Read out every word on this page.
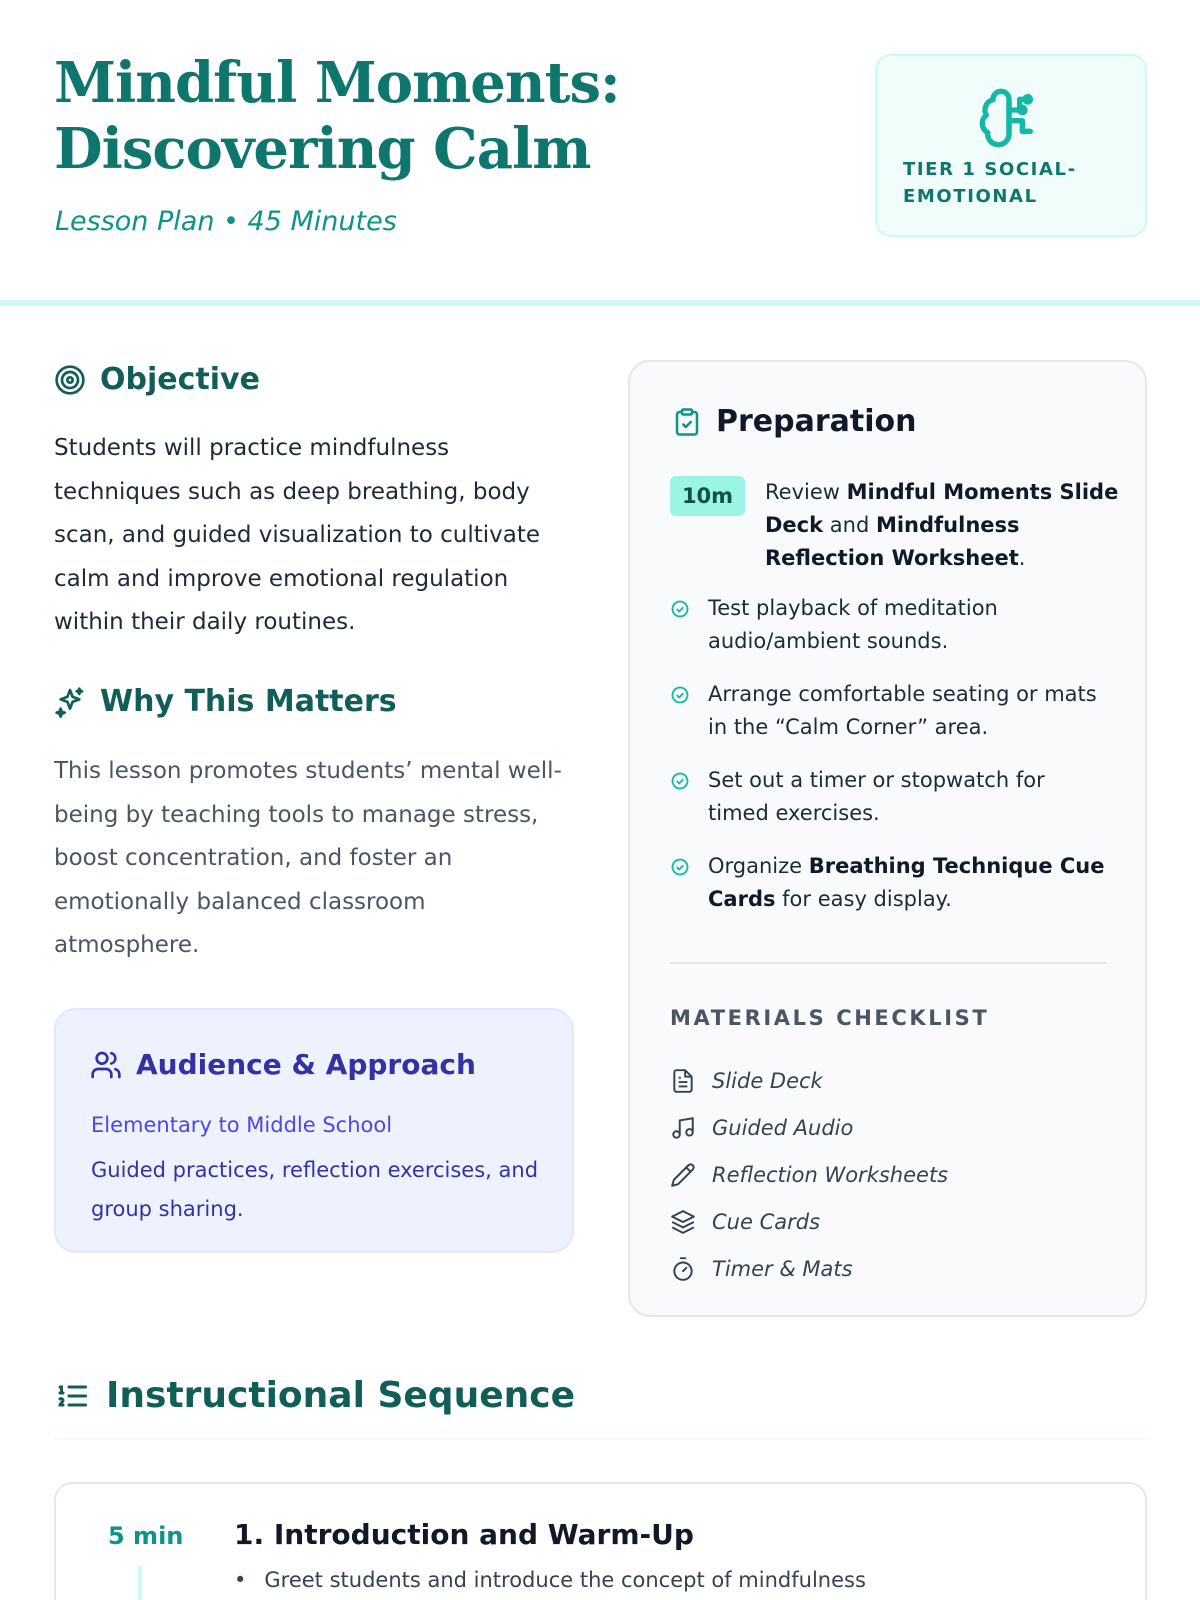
Mindful Moments: Discovering Calm
Lesson Plan • 45 Minutes
TIER 1 SOCIAL-EMOTIONAL
Objective

Students will practice mindfulness techniques such as deep breathing, body scan, and guided visualization to cultivate calm and improve emotional regulation within their daily routines.

Why This Matters

This lesson promotes students’ mental well-being by teaching tools to manage stress, boost concentration, and foster an emotionally balanced classroom atmosphere.

Audience & Approach
Elementary to Middle School
Guided practices, reflection exercises, and group sharing.
Preparation
10m	Review Mindful Moments Slide Deck and Mindfulness Reflection Worksheet.
Test playback of meditation audio/ambient sounds.
Arrange comfortable seating or mats in the “Calm Corner” area.
Set out a timer or stopwatch for timed exercises.
Organize Breathing Technique Cue Cards for easy display.
MATERIALS CHECKLIST
Slide Deck
Guided Audio
Reflection Worksheets
Cue Cards
Timer & Mats
Instructional Sequence
5 min 1. Introduction and Warm-Up
• Greet students and introduce the concept of mindfulness
